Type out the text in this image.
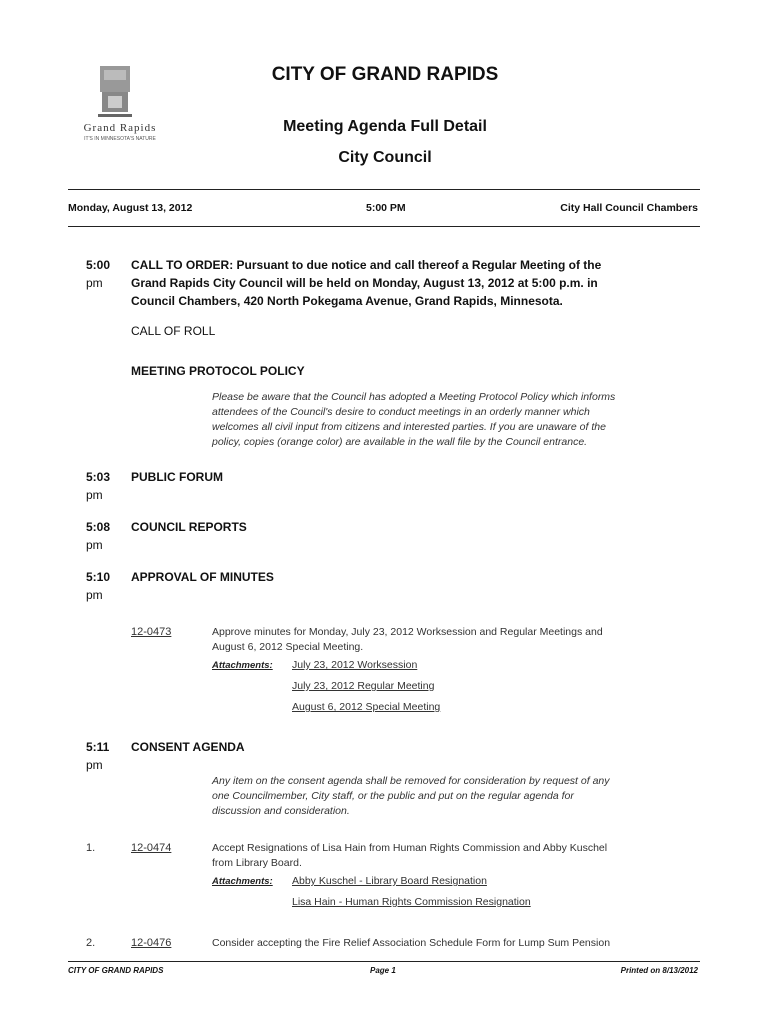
Grand Rapids
IT'S IN MINNESOTA'S NATURE
CITY OF GRAND RAPIDS
Meeting Agenda Full Detail
City Council
Monday, August 13, 2012	5:00 PM	City Hall Council Chambers
5:00
pm
CALL TO ORDER: Pursuant to due notice and call thereof a Regular Meeting of the
Grand Rapids City Council will be held on Monday, August 13, 2012 at 5:00 p.m. in
Council Chambers, 420 North Pokegama Avenue, Grand Rapids, Minnesota.
CALL OF ROLL
MEETING PROTOCOL POLICY
Please be aware that the Council has adopted a Meeting Protocol Policy which informs
attendees of the Council's desire to conduct meetings in an orderly manner which
welcomes all civil input from citizens and interested parties. If you are unaware of the
policy, copies (orange color) are available in the wall file by the Council entrance.
5:03
pm
PUBLIC FORUM
5:08
pm
COUNCIL REPORTS
5:10
pm
APPROVAL OF MINUTES
12-0473	Approve minutes for Monday, July 23, 2012 Worksession and Regular Meetings and
August 6, 2012 Special Meeting.
Attachments: July 23, 2012 Worksession
July 23, 2012 Regular Meeting
August 6, 2012 Special Meeting
5:11
pm
CONSENT AGENDA
Any item on the consent agenda shall be removed for consideration by request of any
one Councilmember, City staff, or the public and put on the regular agenda for
discussion and consideration.
1.	12-0474	Accept Resignations of Lisa Hain from Human Rights Commission and Abby Kuschel
from Library Board.
Attachments: Abby Kuschel - Library Board Resignation
Lisa Hain - Human Rights Commission Resignation
2.	12-0476	Consider accepting the Fire Relief Association Schedule Form for Lump Sum Pension
CITY OF GRAND RAPIDS	Page 1	Printed on 8/13/2012
